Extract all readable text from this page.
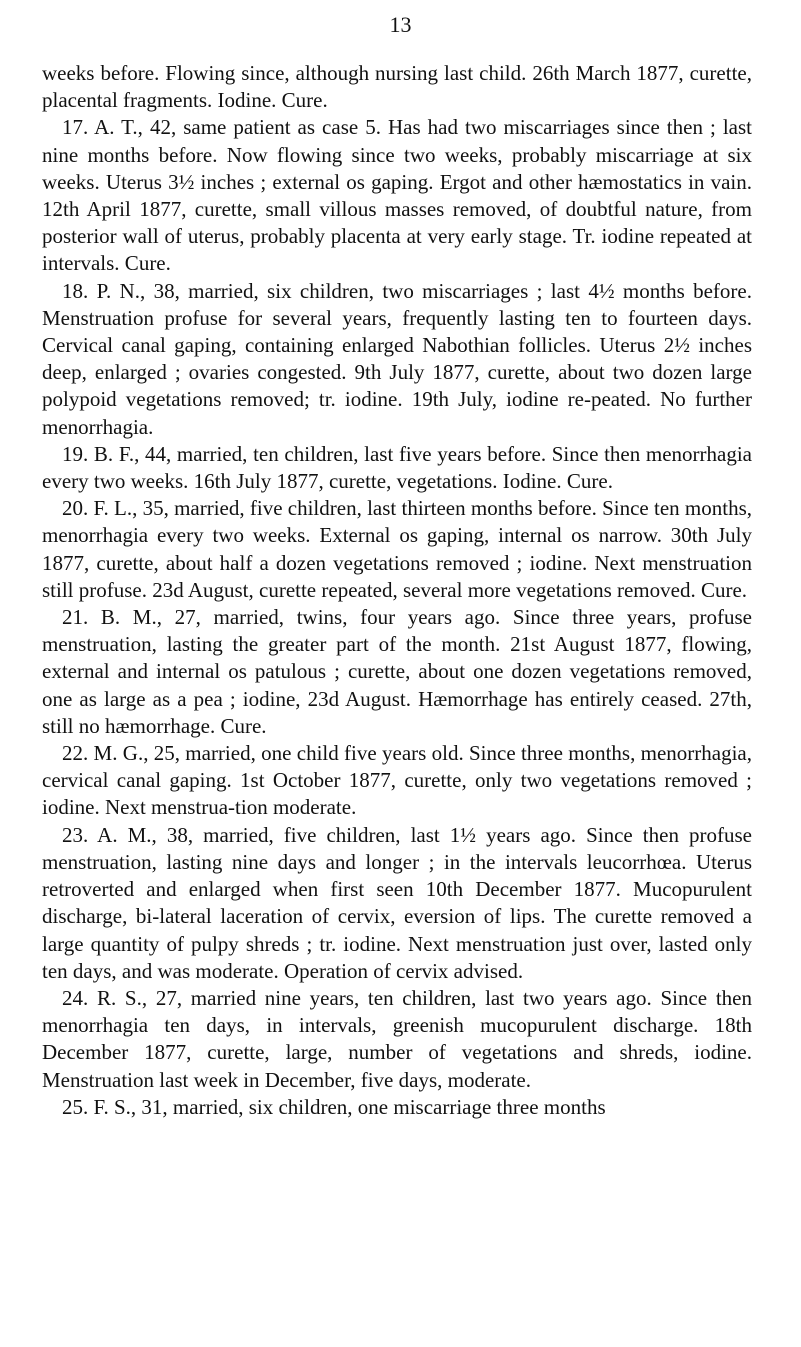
13

weeks before. Flowing since, although nursing last child. 26th March 1877, curette, placental fragments. Iodine. Cure.

17. A. T., 42, same patient as case 5. Has had two miscarriages since then ; last nine months before. Now flowing since two weeks, probably miscarriage at six weeks. Uterus 3½ inches ; external os gaping. Ergot and other hæmostatics in vain. 12th April 1877, curette, small villous masses removed, of doubtful nature, from posterior wall of uterus, probably placenta at very early stage. Tr. iodine repeated at intervals. Cure.

18. P. N., 38, married, six children, two miscarriages ; last 4½ months before. Menstruation profuse for several years, frequently lasting ten to fourteen days. Cervical canal gaping, containing enlarged Nabothian follicles. Uterus 2½ inches deep, enlarged ; ovaries congested. 9th July 1877, curette, about two dozen large polypoid vegetations removed; tr. iodine. 19th July, iodine re-peated. No further menorrhagia.

19. B. F., 44, married, ten children, last five years before. Since then menorrhagia every two weeks. 16th July 1877, curette, vegetations. Iodine. Cure.

20. F. L., 35, married, five children, last thirteen months before. Since ten months, menorrhagia every two weeks. External os gaping, internal os narrow. 30th July 1877, curette, about half a dozen vegetations removed ; iodine. Next menstruation still profuse. 23d August, curette repeated, several more vegetations removed. Cure.

21. B. M., 27, married, twins, four years ago. Since three years, profuse menstruation, lasting the greater part of the month. 21st August 1877, flowing, external and internal os patulous ; curette, about one dozen vegetations removed, one as large as a pea ; iodine, 23d August. Hæmorrhage has entirely ceased. 27th, still no hæmorrhage. Cure.

22. M. G., 25, married, one child five years old. Since three months, menorrhagia, cervical canal gaping. 1st October 1877, curette, only two vegetations removed ; iodine. Next menstrua-tion moderate.

23. A. M., 38, married, five children, last 1½ years ago. Since then profuse menstruation, lasting nine days and longer ; in the intervals leucorrhœa. Uterus retroverted and enlarged when first seen 10th December 1877. Mucopurulent discharge, bi-lateral laceration of cervix, eversion of lips. The curette removed a large quantity of pulpy shreds ; tr. iodine. Next menstruation just over, lasted only ten days, and was moderate. Operation of cervix advised.

24. R. S., 27, married nine years, ten children, last two years ago. Since then menorrhagia ten days, in intervals, greenish mucopurulent discharge. 18th December 1877, curette, large, number of vegetations and shreds, iodine. Menstruation last week in December, five days, moderate.

25. F. S., 31, married, six children, one miscarriage three months
